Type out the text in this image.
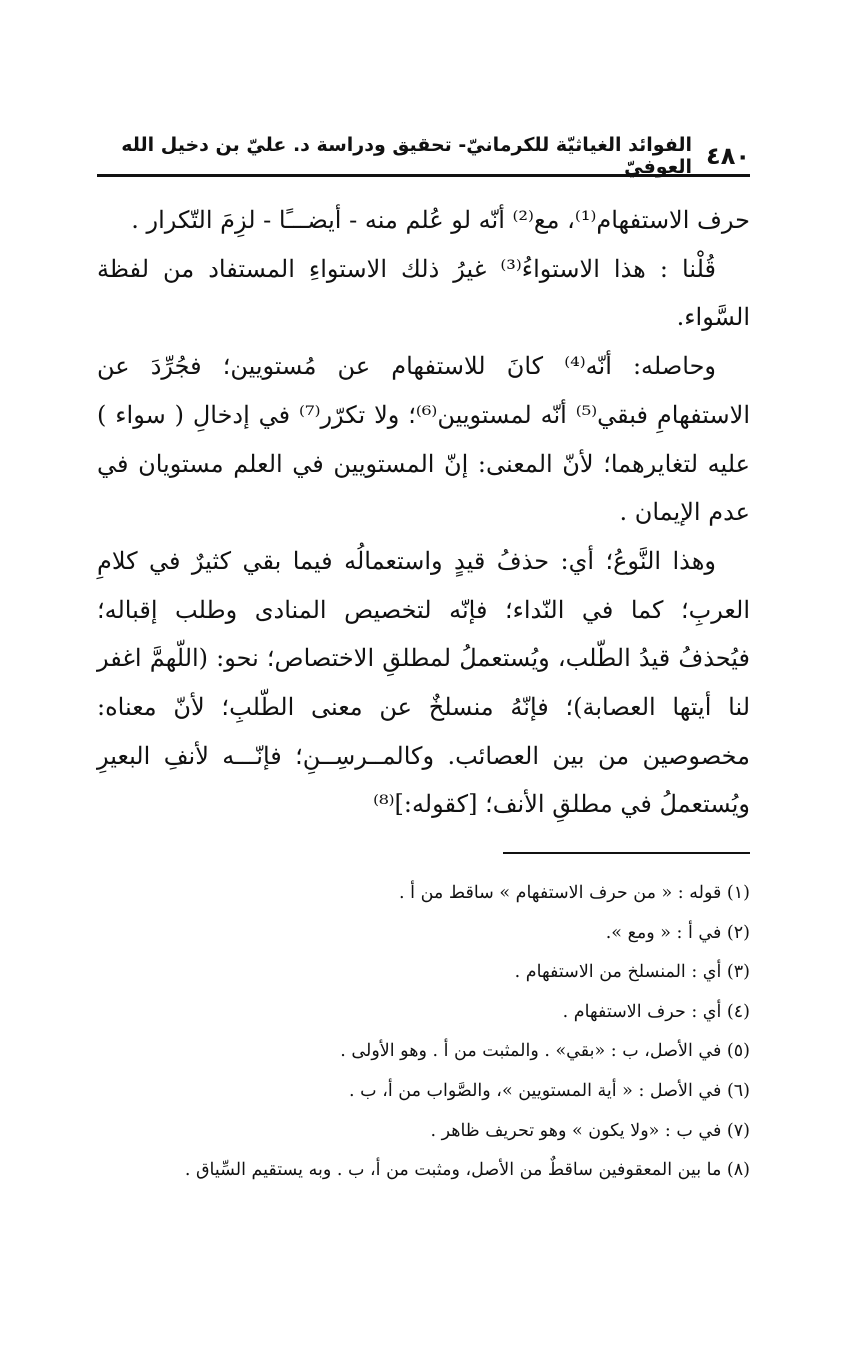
٤٨٠
الفوائد الغياثيّة للكرمانيّ- تحقيق ودراسة د. عليّ بن دخيل الله العوفيّ

حرف الاستفهام⁽¹⁾، مع⁽²⁾ أنّه لو عُلم منه - أيضـــًا - لزِمَ التّكرار .

قُلْنا : هذا الاستواءُ⁽³⁾ غيرُ ذلك الاستواءِ المستفاد من لفظة السَّواء.

وحاصله: أنّه⁽⁴⁾ كانَ للاستفهام عن مُستويين؛ فجُرِّدَ عن الاستفهامِ فبقي⁽⁵⁾ أنّه لمستويين⁽⁶⁾؛ ولا تكرّر⁽⁷⁾ في إدخالِ ( سواء ) عليه لتغايرهما؛ لأنّ المعنى: إنّ المستويين في العلم مستويان في عدم الإيمان .

وهذا النَّوعُ؛ أي: حذفُ قيدٍ واستعمالُه فيما بقي كثيرٌ في كلامِ العربِ؛ كما في النّداء؛ فإنّه لتخصيص المنادى وطلب إقباله؛ فيُحذفُ قيدُ الطّلب، ويُستعملُ لمطلقِ الاختصاص؛ نحو: (اللّهمَّ اغفر لنا أيتها العصابة)؛ فإنّهُ منسلخٌ عن معنى الطّلبِ؛ لأنّ معناه: مخصوصين من بين العصائب. وكالمــرسِــنِ؛ فإنّـــه لأنفِ البعيرِ ويُستعملُ في مطلقِ الأنف؛ [كقوله:]⁽⁸⁾

(١) قوله : « من حرف الاستفهام » ساقط من أ .
(٢) في أ : « ومع ».
(٣) أي : المنسلخ من الاستفهام .
(٤) أي : حرف الاستفهام .
(٥) في الأصل، ب : «بقي» . والمثبت من أ . وهو الأولى .
(٦) في الأصل : « أية المستويين »، والصَّواب من أ، ب .
(٧) في ب : «ولا يكون » وهو تحريف ظاهر .
(٨) ما بين المعقوفين ساقطٌ من الأصل، ومثبت من أ، ب . وبه يستقيم السِّياق .
